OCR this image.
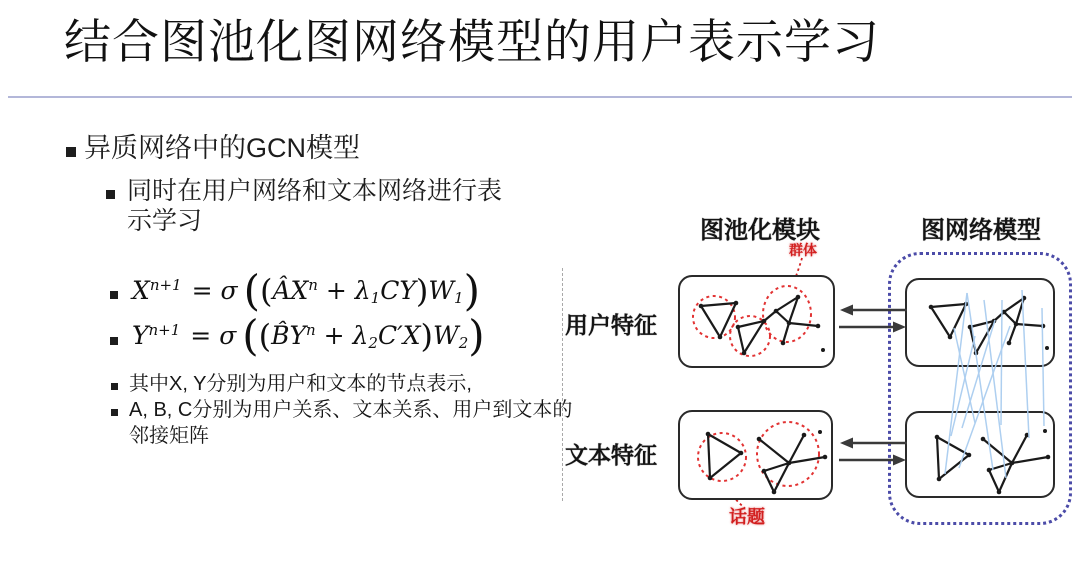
结合图池化图网络模型的用户表示学习
异质网络中的GCN模型
同时在用户网络和文本网络进行表示学习
$X^{n+1} = \sigma$ $((ÂX^n + \lambda_1CY)W_1)$
$Y^{n+1} = \sigma$ $((B̂Y^n + \lambda_2C'X)W_2)$
其中X, Y分别为用户和文本的节点表示,
A, B, C分别为用户关系、文本关系、用户到文本的邻接矩阵
图池化模块	图网络模型
用户特征
文本特征
群体
话题
